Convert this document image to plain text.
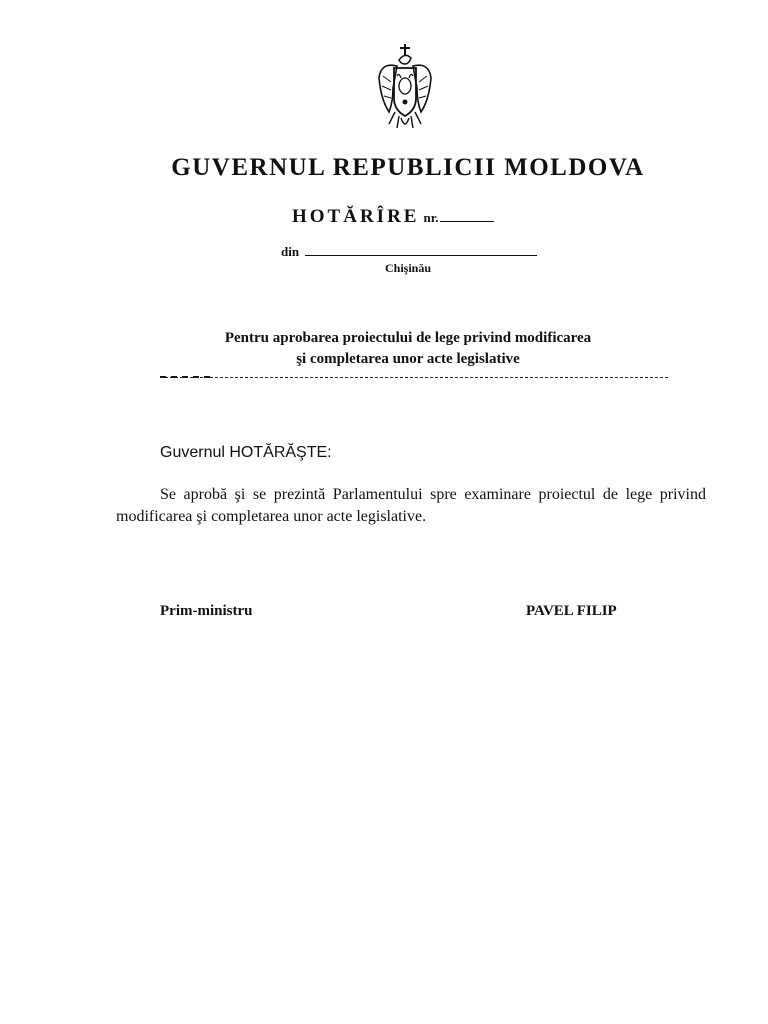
GUVERNUL REPUBLICII MOLDOVA
HOTĂRÎRE nr.
din
Chişinău
Pentru aprobarea proiectului de lege privind modificarea
şi completarea unor acte legislative
Guvernul HOTĂRĂŞTE:
Se aprobă şi se prezintă Parlamentului spre examinare proiectul de lege privind modificarea şi completarea unor acte legislative.
Prim-ministru	PAVEL FILIP
